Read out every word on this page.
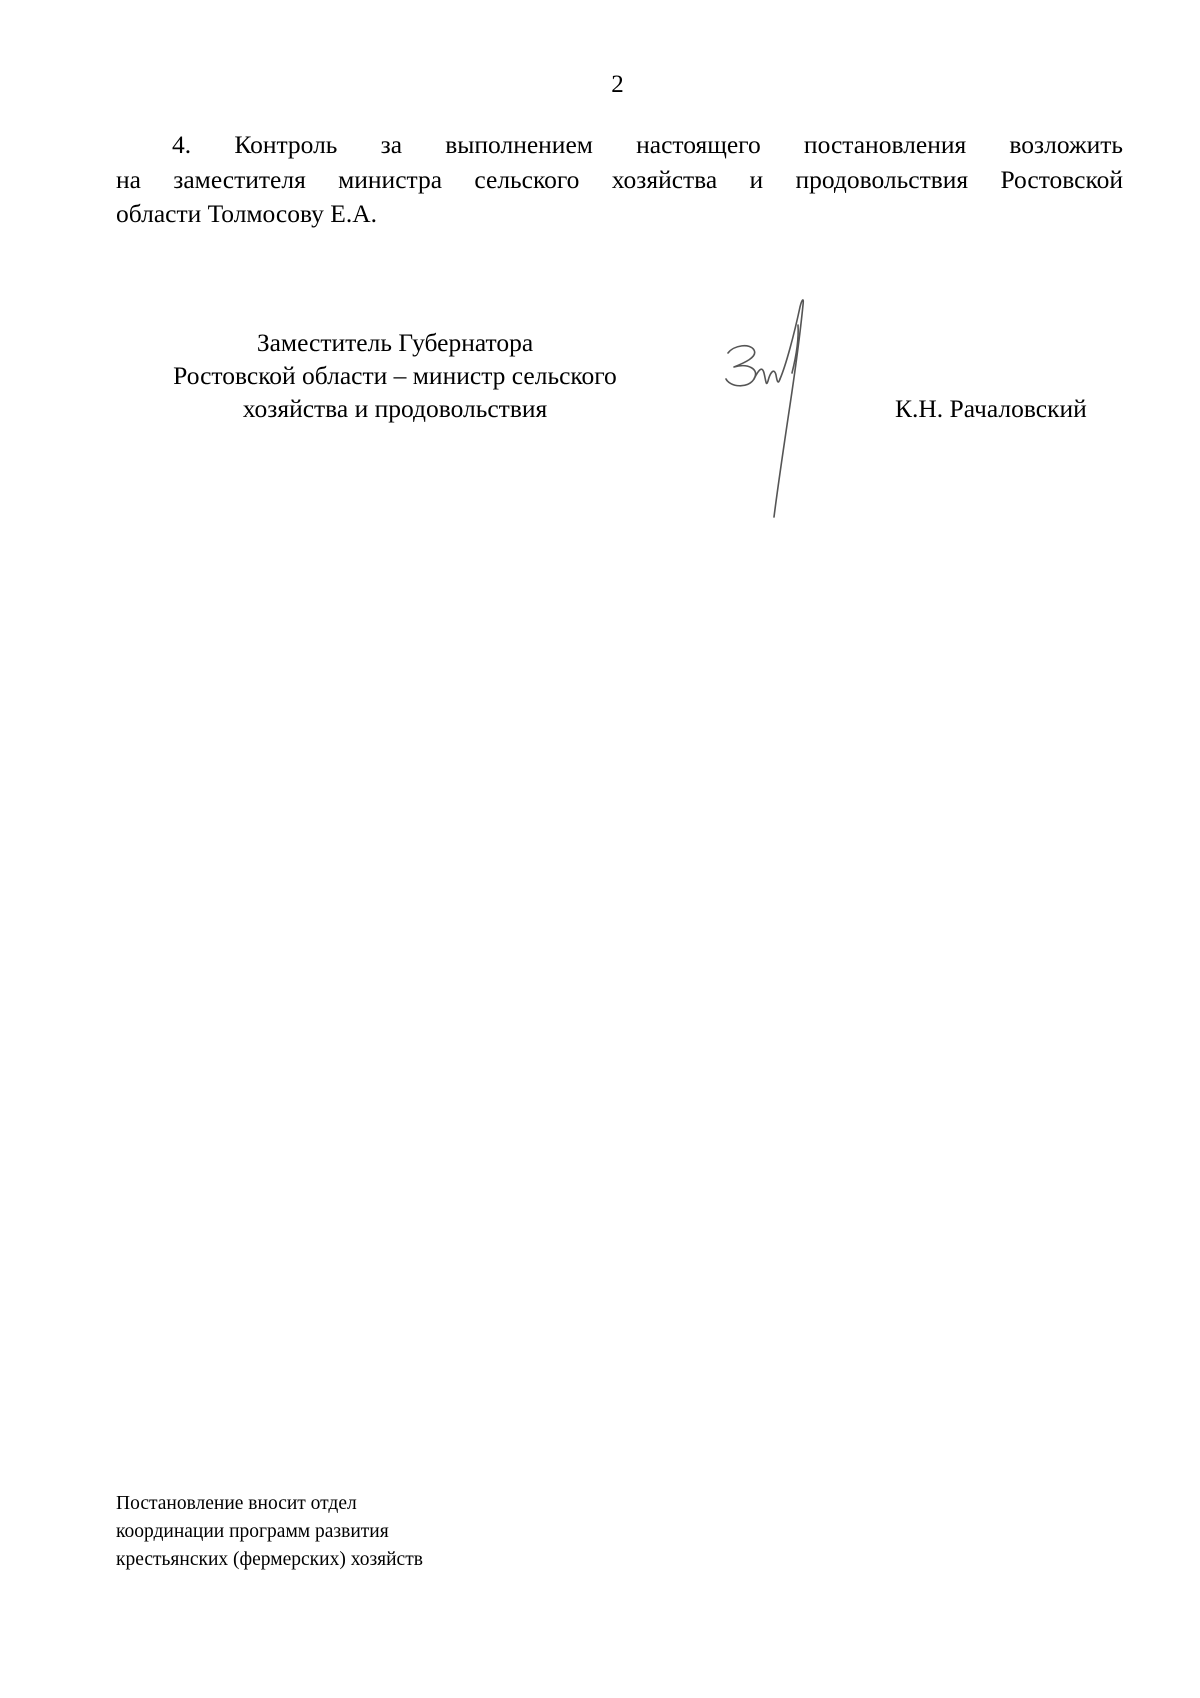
2
4. Контроль за выполнением настоящего постановления возложить
на заместителя министра сельского хозяйства и продовольствия Ростовской
области Толмосову Е.А.
Заместитель Губернатора
Ростовской области – министр сельского
хозяйства и продовольствия	К.Н. Рачаловский
Постановление вносит отдел
координации программ развития
крестьянских (фермерских) хозяйств
